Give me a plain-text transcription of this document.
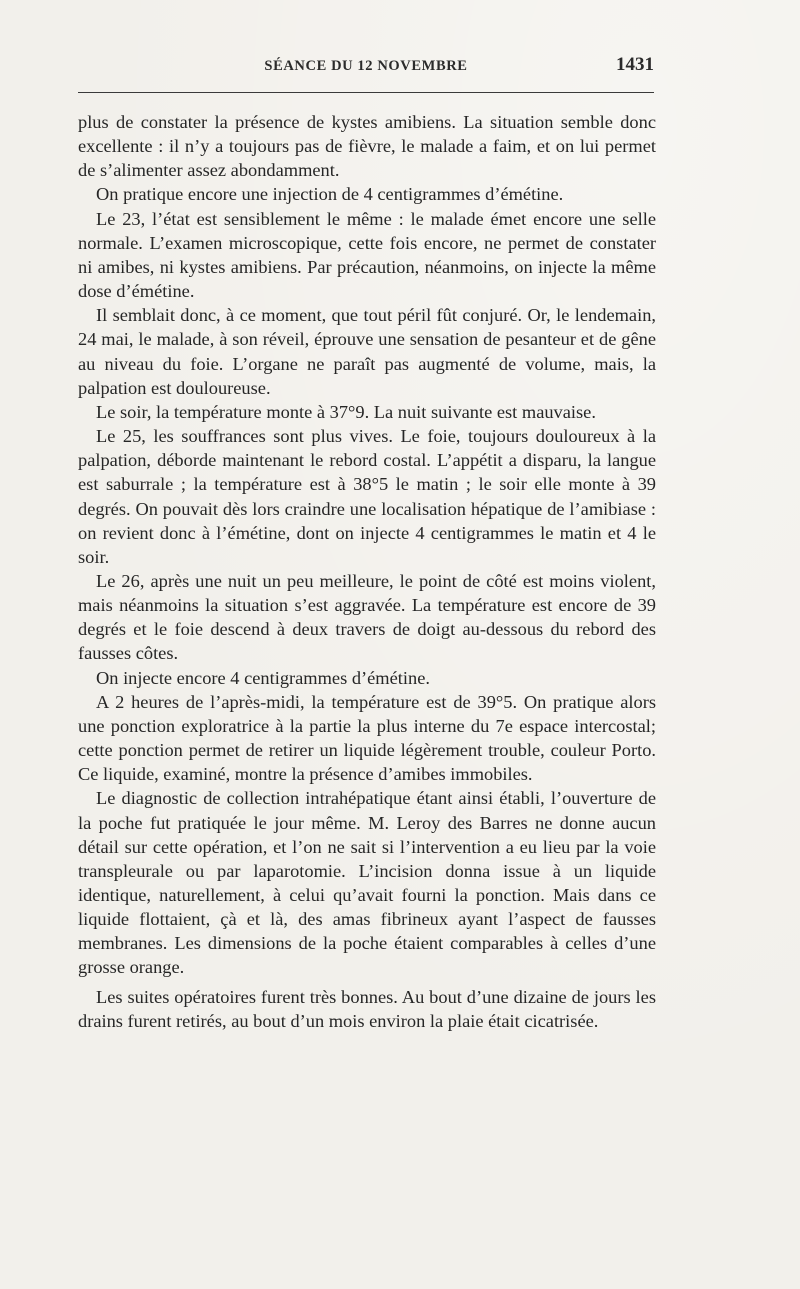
SÉANCE DU 12 NOVEMBRE	1431

plus de constater la présence de kystes amibiens. La situation semble donc excellente : il n’y a toujours pas de fièvre, le malade a faim, et on lui permet de s’alimenter assez abondamment.

On pratique encore une injection de 4 centigrammes d’émétine.

Le 23, l’état est sensiblement le même : le malade émet encore une selle normale. L’examen microscopique, cette fois encore, ne permet de constater ni amibes, ni kystes amibiens. Par précaution, néanmoins, on injecte la même dose d’émétine.

Il semblait donc, à ce moment, que tout péril fût conjuré. Or, le lendemain, 24 mai, le malade, à son réveil, éprouve une sensation de pesanteur et de gêne au niveau du foie. L’organe ne paraît pas augmenté de volume, mais, la palpation est douloureuse.

Le soir, la température monte à 37°9. La nuit suivante est mauvaise.

Le 25, les souffrances sont plus vives. Le foie, toujours douloureux à la palpation, déborde maintenant le rebord costal. L’appétit a disparu, la langue est saburrale ; la température est à 38°5 le matin ; le soir elle monte à 39 degrés. On pouvait dès lors craindre une localisation hépatique de l’amibiase : on revient donc à l’émétine, dont on injecte 4 centigrammes le matin et 4 le soir.

Le 26, après une nuit un peu meilleure, le point de côté est moins violent, mais néanmoins la situation s’est aggravée. La température est encore de 39 degrés et le foie descend à deux travers de doigt au-dessous du rebord des fausses côtes.

On injecte encore 4 centigrammes d’émétine.

A 2 heures de l’après-midi, la température est de 39°5. On pratique alors une ponction exploratrice à la partie la plus interne du 7e espace intercostal; cette ponction permet de retirer un liquide légèrement trouble, couleur Porto. Ce liquide, examiné, montre la présence d’amibes immobiles.

Le diagnostic de collection intrahépatique étant ainsi établi, l’ouverture de la poche fut pratiquée le jour même. M. Leroy des Barres ne donne aucun détail sur cette opération, et l’on ne sait si l’intervention a eu lieu par la voie transpleurale ou par laparotomie. L’incision donna issue à un liquide identique, naturellement, à celui qu’avait fourni la ponction. Mais dans ce liquide flottaient, çà et là, des amas fibrineux ayant l’aspect de fausses membranes. Les dimensions de la poche étaient comparables à celles d’une grosse orange.

Les suites opératoires furent très bonnes. Au bout d’une dizaine de jours les drains furent retirés, au bout d’un mois environ la plaie était cicatrisée.
